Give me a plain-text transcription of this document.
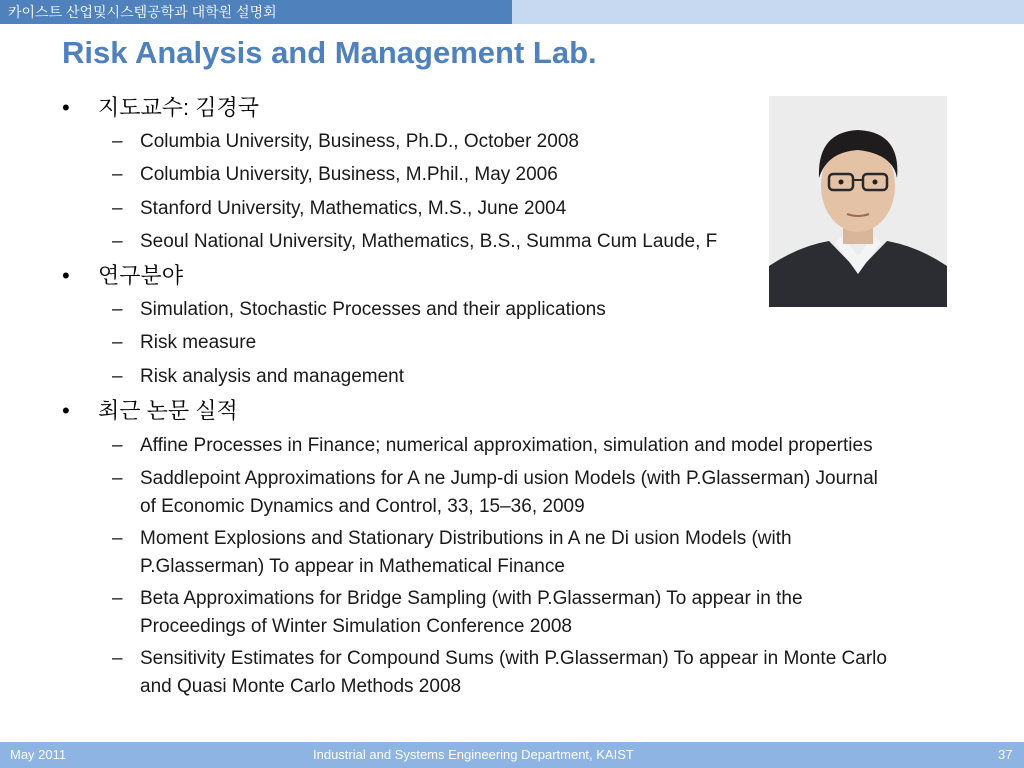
카이스트 산업및시스템공학과 대학원 설명회
Risk Analysis and Management Lab.
• 지도교수: 김경국
– Columbia University, Business, Ph.D., October 2008
– Columbia University, Business, M.Phil., May 2006
– Stanford University, Mathematics, M.S., June 2004
– Seoul National University, Mathematics, B.S., Summa Cum Laude, F
• 연구분야
– Simulation, Stochastic Processes and their applications
– Risk measure
– Risk analysis and management
• 최근 논문 실적
– Affine Processes in Finance; numerical approximation, simulation and model properties
– Saddlepoint Approximations for A ne Jump-di usion Models (with P.Glasserman) Journal
of Economic Dynamics and Control, 33, 15–36, 2009
– Moment Explosions and Stationary Distributions in A ne Di usion Models (with
P.Glasserman) To appear in Mathematical Finance
– Beta Approximations for Bridge Sampling (with P.Glasserman) To appear in the
Proceedings of Winter Simulation Conference 2008
– Sensitivity Estimates for Compound Sums (with P.Glasserman) To appear in Monte Carlo
and Quasi Monte Carlo Methods 2008
May 2011	Industrial and Systems Engineering Department, KAIST	37
